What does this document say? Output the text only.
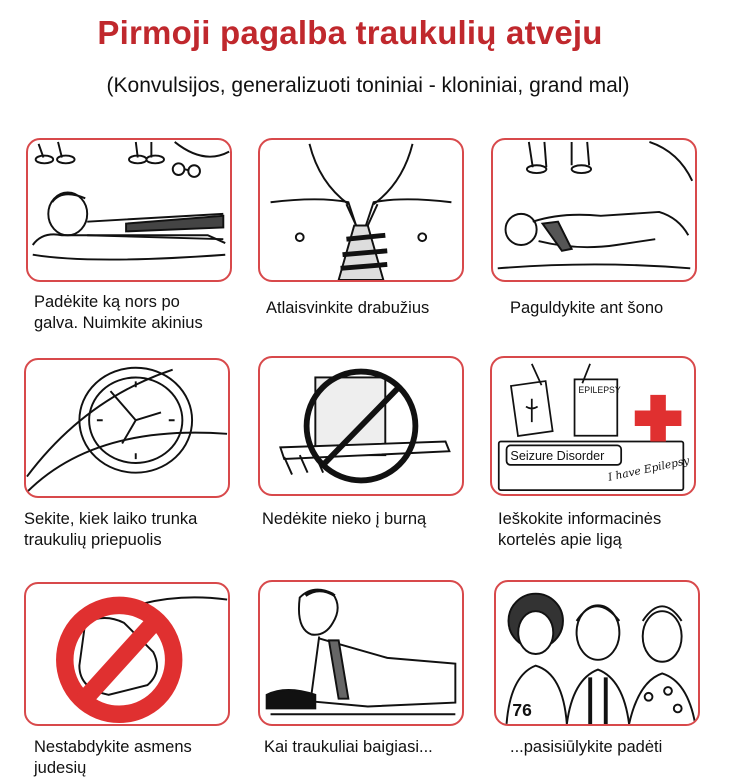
Pirmoji pagalba traukulių atveju
(Konvulsijos, generalizuoti toniniai - kloniniai, grand mal)
Padėkite ką nors po
galva. Nuimkite akinius
Atlaisvinkite drabužius	Paguldykite ant šono
Sekite, kiek laiko trunka
traukulių priepuolis
Nedėkite nieko į burną
EPILEPSY
Seizure Disorder I have Epilepsy
Ieškokite informacinės
kortelės apie ligą
Nestabdykite asmens
judesių
Kai traukuliai baigiasi...
76
...pasisiūlykite padėti
